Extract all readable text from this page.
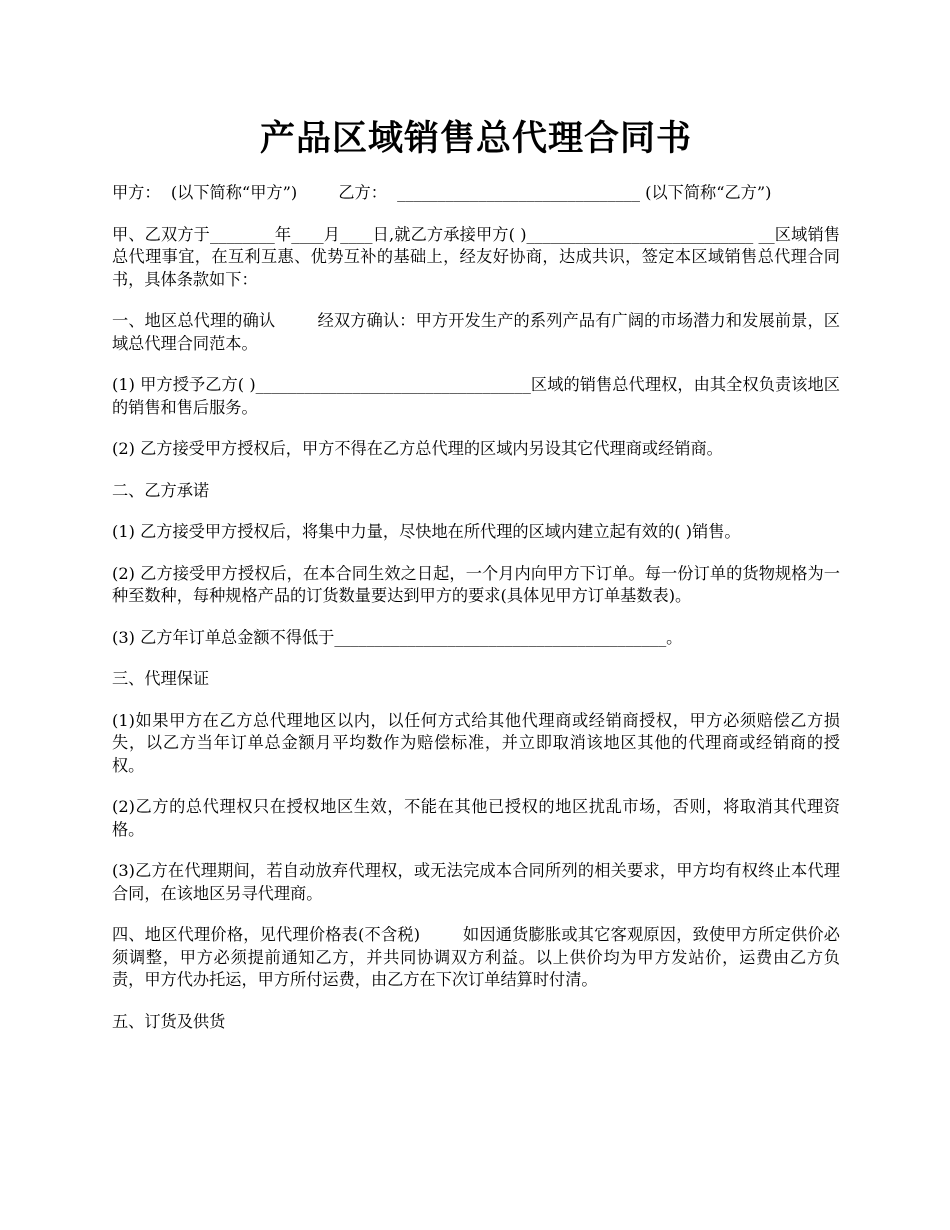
产品区域销售总代理合同书

甲方：  (以下简称“甲方”)        乙方：  ______________________________ (以下简称“乙方”)

甲、乙双方于________年____月____日,就乙方承接甲方( )____________________________ __区域销售总代理事宜，在互利互惠、优势互补的基础上，经友好协商，达成共识，签定本区域销售总代理合同书，具体条款如下：

一、地区总代理的确认        经双方确认：甲方开发生产的系列产品有广阔的市场潜力和发展前景，区域总代理合同范本。

(1) 甲方授予乙方( )__________________________________区域的销售总代理权，由其全权负责该地区的销售和售后服务。

(2) 乙方接受甲方授权后，甲方不得在乙方总代理的区域内另设其它代理商或经销商。

二、乙方承诺

(1) 乙方接受甲方授权后，将集中力量，尽快地在所代理的区域内建立起有效的( )销售。

(2) 乙方接受甲方授权后，在本合同生效之日起，一个月内向甲方下订单。每一份订单的货物规格为一种至数种，每种规格产品的订货数量要达到甲方的要求(具体见甲方订单基数表)。

(3) 乙方年订单总金额不得低于_________________________________________。

三、代理保证

(1)如果甲方在乙方总代理地区以内，以任何方式给其他代理商或经销商授权，甲方必须赔偿乙方损失，以乙方当年订单总金额月平均数作为赔偿标准，并立即取消该地区其他的代理商或经销商的授权。

(2)乙方的总代理权只在授权地区生效，不能在其他已授权的地区扰乱市场，否则，将取消其代理资格。

(3)乙方在代理期间，若自动放弃代理权，或无法完成本合同所列的相关要求，甲方均有权终止本代理合同，在该地区另寻代理商。

四、地区代理价格，见代理价格表(不含税)        如因通货膨胀或其它客观原因，致使甲方所定供价必须调整，甲方必须提前通知乙方，并共同协调双方利益。以上供价均为甲方发站价，运费由乙方负责，甲方代办托运，甲方所付运费，由乙方在下次订单结算时付清。

五、订货及供货
